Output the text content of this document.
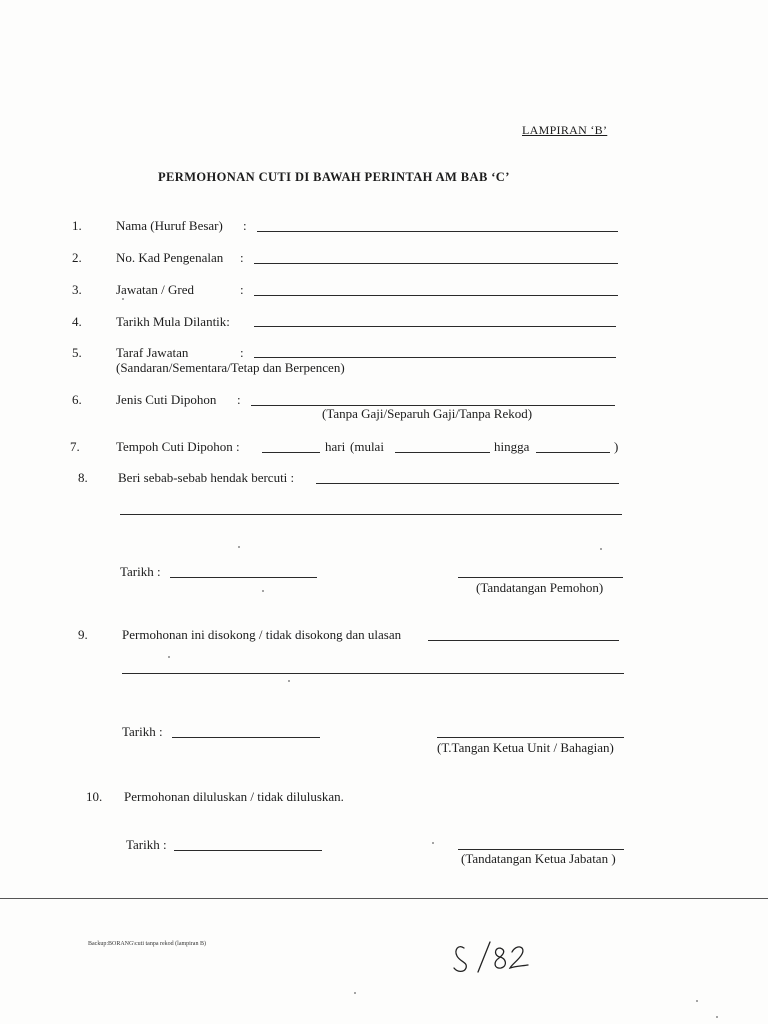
LAMPIRAN ‘B’
PERMOHONAN CUTI DI BAWAH PERINTAH AM BAB ‘C’
1.	Nama (Huruf Besar) :
2.	No. Kad Pengenalan :
3.	Jawatan / Gred	:
4.	Tarikh Mula Dilantik:
5.	Taraf Jawatan	:
(Sandaran/Sementara/Tetap dan Berpencen)
6.	Jenis Cuti Dipohon :
(Tanpa Gaji/Separuh Gaji/Tanpa Rekod)
7.	Tempoh Cuti Dipohon :	hari (mulai	hingga	)
8. Beri sebab-sebab hendak bercuti :
Tarikh :
(Tandatangan Pemohon)
9.	Permohonan ini disokong / tidak disokong dan ulasan
Tarikh :
(T.Tangan Ketua Unit / Bahagian)
10. Permohonan diluluskan / tidak diluluskan.
Tarikh :
(Tandatangan Ketua Jabatan )
Backup:BORANG\cuti tanpa rekod (lampiran B)
